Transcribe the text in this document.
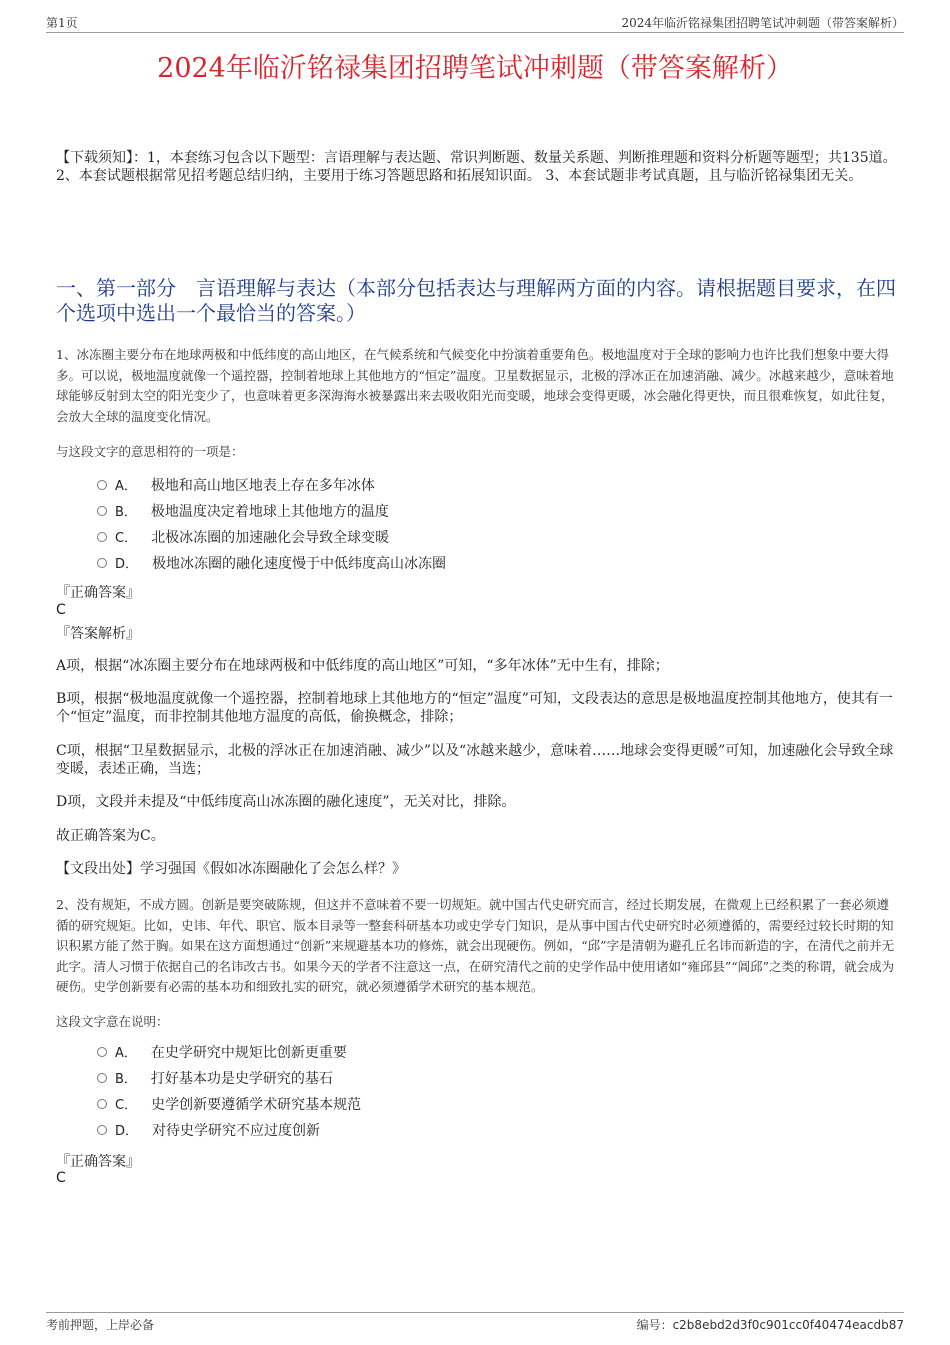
第1页	2024年临沂铭禄集团招聘笔试冲刺题（带答案解析）
2024年临沂铭禄集团招聘笔试冲刺题（带答案解析）
【下载须知】：1，本套练习包含以下题型：言语理解与表达题、常识判断题、数量关系题、判断推理题和资料分析题等题型；共135道。 2、本套试题根据常见招考题总结归纳，主要用于练习答题思路和拓展知识面。 3、本套试题非考试真题，且与临沂铭禄集团无关。
一、第一部分　言语理解与表达（本部分包括表达与理解两方面的内容。请根据题目要求，在四个选项中选出一个最恰当的答案。）
1、冰冻圈主要分布在地球两极和中低纬度的高山地区，在气候系统和气候变化中扮演着重要角色。极地温度对于全球的影响力也许比我们想象中要大得多。可以说，极地温度就像一个遥控器，控制着地球上其他地方的“恒定”温度。卫星数据显示，北极的浮冰正在加速消融、减少。冰越来越少，意味着地球能够反射到太空的阳光变少了，也意味着更多深海海水被暴露出来去吸收阳光而变暖，地球会变得更暖，冰会融化得更快，而且很难恢复，如此往复，会放大全球的温度变化情况。
与这段文字的意思相符的一项是：
A． 极地和高山地区地表上存在多年冰体
B． 极地温度决定着地球上其他地方的温度
C． 北极冰冻圈的加速融化会导致全球变暖
D． 极地冰冻圈的融化速度慢于中低纬度高山冰冻圈
『正确答案』
C
『答案解析』
A项，根据“冰冻圈主要分布在地球两极和中低纬度的高山地区”可知，“多年冰体”无中生有，排除；
B项，根据“极地温度就像一个遥控器，控制着地球上其他地方的“恒定”温度”可知，文段表达的意思是极地温度控制其他地方，使其有一个“恒定”温度，而非控制其他地方温度的高低，偷换概念，排除；
C项，根据“卫星数据显示，北极的浮冰正在加速消融、减少”以及“冰越来越少，意味着……地球会变得更暖”可知，加速融化会导致全球变暖，表述正确，当选；
D项，文段并未提及“中低纬度高山冰冻圈的融化速度”，无关对比，排除。
故正确答案为C。
【文段出处】学习强国《假如冰冻圈融化了会怎么样？》
2、没有规矩，不成方圆。创新是要突破陈规，但这并不意味着不要一切规矩。就中国古代史研究而言，经过长期发展，在微观上已经积累了一套必须遵循的研究规矩。比如，史讳、年代、职官、版本目录等一整套科研基本功或史学专门知识，是从事中国古代史研究时必须遵循的，需要经过较长时期的知识积累方能了然于胸。如果在这方面想通过“创新”来规避基本功的修炼，就会出现硬伤。例如，“邱”字是清朝为避孔丘名讳而新造的字，在清代之前并无此字。清人习惯于依据自己的名讳改古书。如果今天的学者不注意这一点，在研究清代之前的史学作品中使用诸如“雍邱县”“阊邱”之类的称谓，就会成为硬伤。史学创新要有必需的基本功和细致扎实的研究，就必须遵循学术研究的基本规范。
这段文字意在说明：
A． 在史学研究中规矩比创新更重要
B． 打好基本功是史学研究的基石
C． 史学创新要遵循学术研究基本规范
D． 对待史学研究不应过度创新
『正确答案』
C
考前押题，上岸必备	编号：c2b8ebd2d3f0c901cc0f40474eacdb87
